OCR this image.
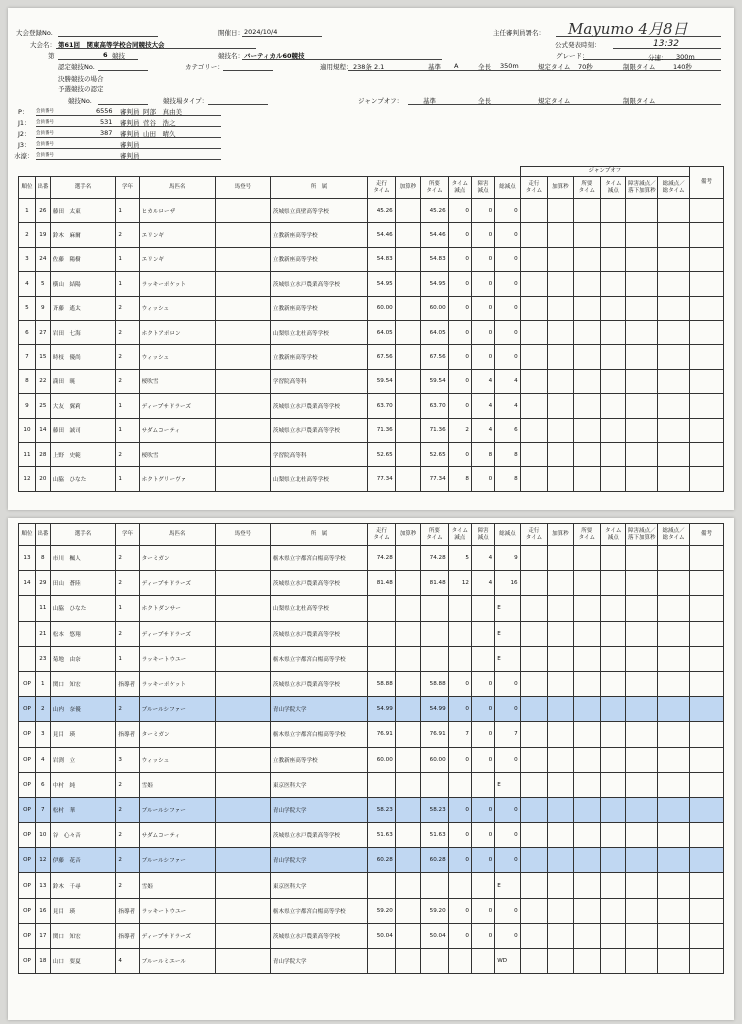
Mayumo 4月8日
大会登録No.	開催日： 2024/10/4	主任審判員署名：
大会名： 第61回　関東高等学校合同競技大会	公式発表時刻：	13:32
第	6 競技	競技名： バーティカル60競技	グレード：
認定競技No.	カテゴリー：	適用規程： 238条 2.1	基準 A	全長 350m	規定タイム 70秒	制限タイム	140秒
分速： 300m
決勝競技の場合
予選競技の認定
競技No.	競技場タイプ：	ジャンプオフ：	基準	全長	規定タイム	制限タイム
P： 会員番号	6556 審判員 阿部　真由美
J1： 会員番号	531 審判員 菅谷　浩之
J2： 会員番号	387 審判員 山田　晴久
J3： 会員番号	審判員
水濠： 会員番号	審判員
													ジャンプオフ						備考
順位	出番	選手名	学年	馬匹名	馬登号	所　属	走行
タイム	加算秒	所要
タイム	タイム
減点	障害
減点	総減点	走行
タイム	加算秒	所要
タイム	タイム
減点	障害減点／
落下加算秒	総減点／
総タイム	
1	26	藤田　太東	1	ヒカルローザ		茨城県立真壁高等学校	45.26		45.26	0	0	0							
2	19	鈴木　麻爾	2	エリンギ		立教新座高等学校	54.46		54.46	0	0	0							
3	24	佐藤　陽樹	1	エリンギ		立教新座高等学校	54.83		54.83	0	0	0							
4	5	横山　結陽	1	ラッキーポケット		茨城県立水戸農業高等学校	54.95		54.95	0	0	0							
5	9	斉藤　遙太	2	ウィッシュ		立教新座高等学校	60.00		60.00	0	0	0							
6	27	岩田　七海	2	ホクトアポロン		山梨県立北杜高等学校	64.05		64.05	0	0	0							
7	15	時枝　優尚	2	ウィッシュ		立教新座高等学校	67.56		67.56	0	0	0							
8	22	満田　暁	2	桜吹雪		学習院高等科	59.54		59.54	0	4	4							
9	25	大友　翼莉	1	ディープサドラーズ		茨城県立水戸農業高等学校	63.70		63.70	0	4	4							
10	14	藤田　誠司	1	サダムコーティ		茨城県立水戸農業高等学校	71.36		71.36	2	4	6							
11	28	上野　史範	2	桜吹雪		学習院高等科	52.65		52.65	0	8	8							
12	20	山脇　ひなた	1	ホクトグリーヴァ		山梨県立北杜高等学校	77.34		77.34	8	0	8							
順位	出番	選手名	学年	馬匹名	馬登号	所　属	走行
タイム	加算秒	所要
タイム	タイム
減点	障害
減点	総減点	走行
タイム	加算秒	所要
タイム	タイム
減点	障害減点／
落下加算秒	総減点／
総タイム	備考
13	8	市川　楓人	2	ターミガン		栃木県立宇都宮白楊高等学校	74.28		74.28	5	4	9							
14	29	田山　蒼陸	2	ディープサドラーズ		茨城県立水戸農業高等学校	81.48		81.48	12	4	16							
	11	山脇　ひなた	1	ホクトダンサー		山梨県立北杜高等学校						E							
	21	松本　悠翔	2	ディープサドラーズ		茨城県立水戸農業高等学校						E							
	23	菊地　由奈	1	ラッキートウユー		栃木県立宇都宮白楊高等学校						E							
OP	1	関口　知宏	指導者	ラッキーポケット		茨城県立水戸農業高等学校	58.88		58.88	0	0	0							
OP	2	山内　奈優	2	ブルールシファー		青山学院大学	54.99		54.99	0	0	0							
OP	3	見目　瑛	指導者	ターミガン		栃木県立宇都宮白楊高等学校	76.91		76.91	7	0	7							
OP	4	岩渕　立	3	ウィッシュ		立教新座高等学校	60.00		60.00	0	0	0							
OP	6	中村　純	2	雪姫		東京医科大学						E							
OP	7	松村　華	2	ブルールシファー		青山学院大学	58.23		58.23	0	0	0							
OP	10	谷　心々音	2	サダムコーティ		茨城県立水戸農業高等学校	51.63		51.63	0	0	0							
OP	12	伊藤　花音	2	ブルールシファー		青山学院大学	60.28		60.28	0	0	0							
OP	13	鈴木　千尋	2	雪姫		東京医科大学						E							
OP	16	見目　瑛	指導者	ラッキートウユー		栃木県立宇都宮白楊高等学校	59.20		59.20	0	0	0							
OP	17	関口　知宏	指導者	ディープサドラーズ		茨城県立水戸農業高等学校	50.04		50.04	0	0	0							
OP	18	山口　要夏	4	ブルールミエール		青山学院大学						WD							
